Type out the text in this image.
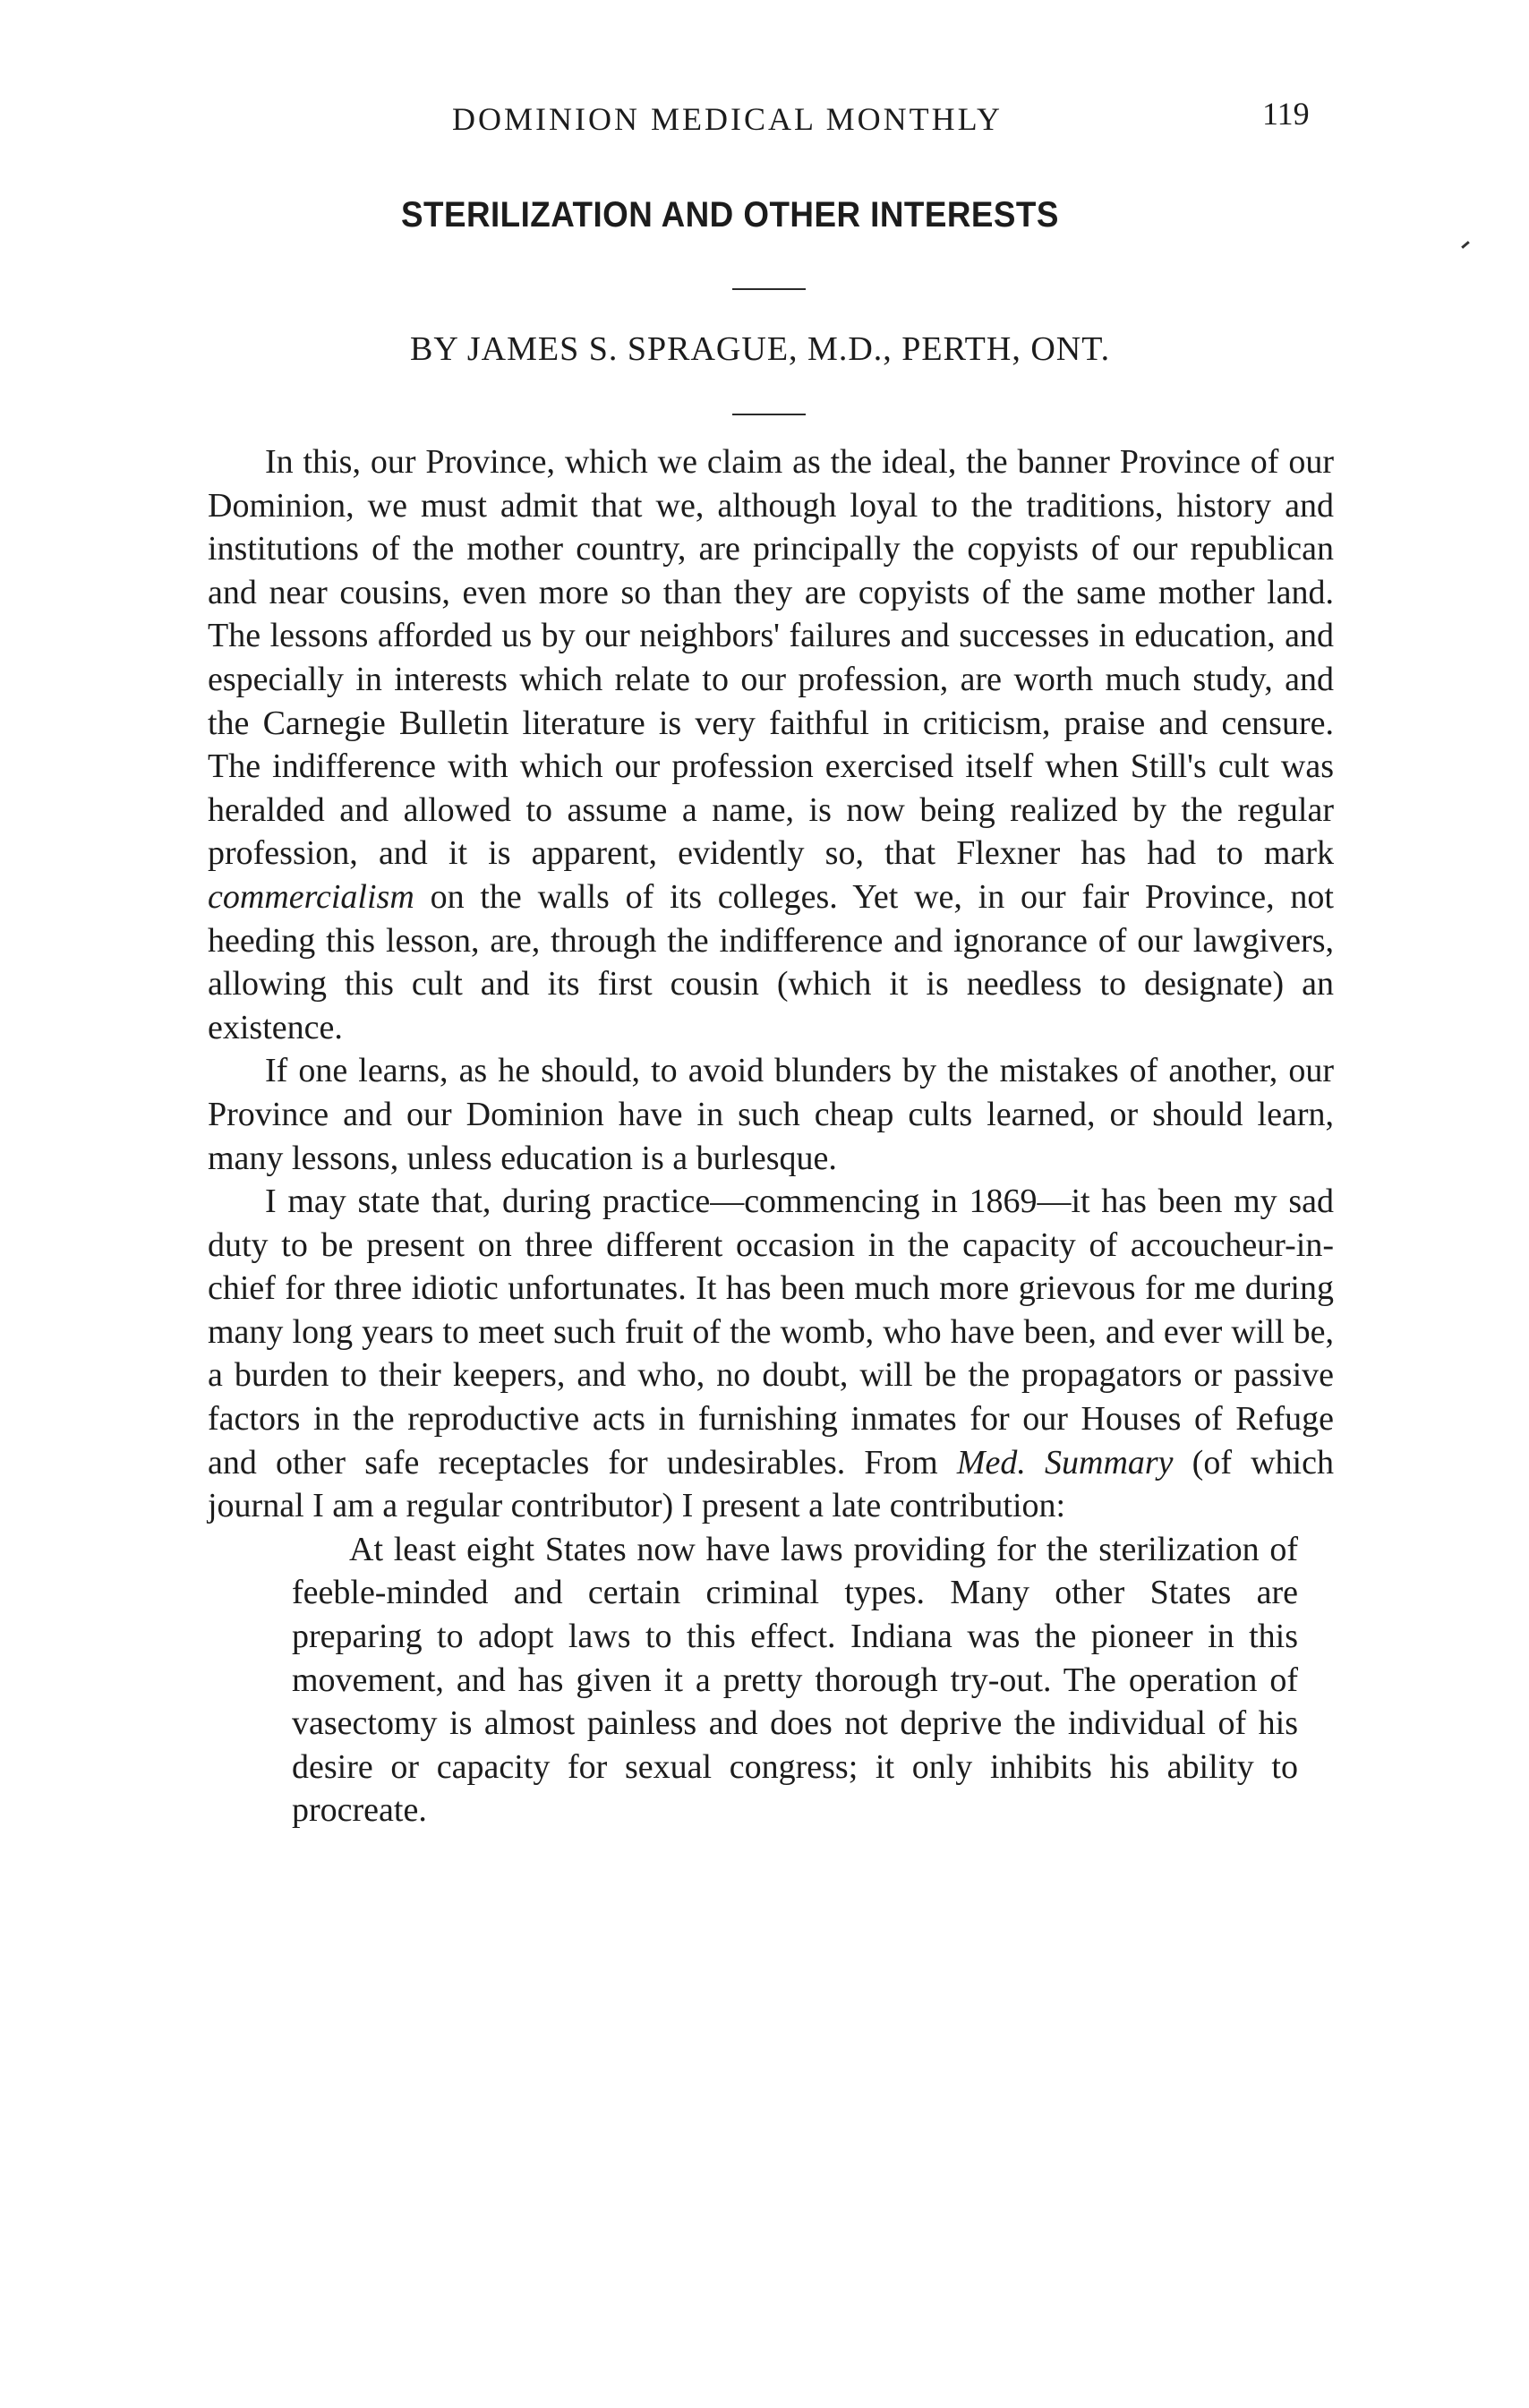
DOMINION MEDICAL MONTHLY	119
STERILIZATION AND OTHER INTERESTS
BY JAMES S. SPRAGUE, M.D., PERTH, ONT.

In this, our Province, which we claim as the ideal, the banner Province of our Dominion, we must admit that we, although loyal to the traditions, history and institutions of the mother country, are principally the copyists of our republican and near cousins, even more so than they are copyists of the same mother land. The lessons afforded us by our neighbors' failures and successes in education, and especially in interests which relate to our profession, are worth much study, and the Carnegie Bulletin literature is very faithful in criticism, praise and censure. The indifference with which our profession exercised itself when Still's cult was heralded and allowed to assume a name, is now being realized by the regular profession, and it is apparent, evidently so, that Flexner has had to mark commercialism on the walls of its colleges. Yet we, in our fair Province, not heeding this lesson, are, through the indifference and ignorance of our lawgivers, allowing this cult and its first cousin (which it is needless to designate) an existence.

If one learns, as he should, to avoid blunders by the mistakes of another, our Province and our Dominion have in such cheap cults learned, or should learn, many lessons, unless education is a burlesque.

I may state that, during practice—commencing in 1869—it has been my sad duty to be present on three different occasion in the capacity of accoucheur-in-chief for three idiotic unfortunates. It has been much more grievous for me during many long years to meet such fruit of the womb, who have been, and ever will be, a burden to their keepers, and who, no doubt, will be the propagators or passive factors in the reproductive acts in furnishing inmates for our Houses of Refuge and other safe receptacles for undesirables. From Med. Summary (of which journal I am a regular contributor) I present a late contribution:

At least eight States now have laws providing for the sterilization of feeble-minded and certain criminal types. Many other States are preparing to adopt laws to this effect. Indiana was the pioneer in this movement, and has given it a pretty thorough try-out. The operation of vasectomy is almost painless and does not deprive the individual of his desire or capacity for sexual congress; it only inhibits his ability to procreate.
